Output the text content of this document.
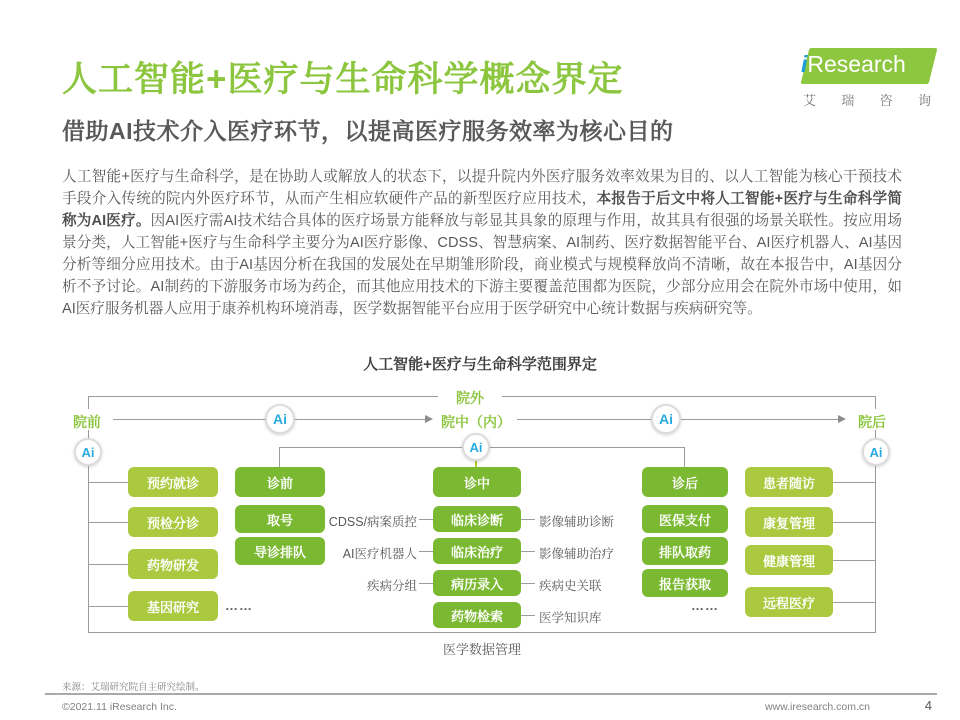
人工智能+医疗与生命科学概念界定	iResearch
艾 瑞 咨 询
借助AI技术介入医疗环节，以提高医疗服务效率为核心目的
人工智能+医疗与生命科学，是在协助人或解放人的状态下，以提升院内外医疗服务效率效果为目的、以人工智能为核心干预技术手段介入传统的院内外医疗环节，从而产生相应软硬件产品的新型医疗应用技术，本报告于后文中将人工智能+医疗与生命科学简称为AI医疗。因AI医疗需AI技术结合具体的医疗场景方能释放与彰显其具象的原理与作用，故其具有很强的场景关联性。按应用场景分类，人工智能+医疗与生命科学主要分为AI医疗影像、CDSS、智慧病案、AI制药、医疗数据智能平台、AI医疗机器人、AI基因分析等细分应用技术。由于AI基因分析在我国的发展处在早期雏形阶段，商业模式与规模释放尚不清晰，故在本报告中，AI基因分析不予讨论。AI制药的下游服务市场为药企，而其他应用技术的下游主要覆盖范围都为医院，少部分应用会在院外市场中使用，如AI医疗服务机器人应用于康养机构环境消毒，医学数据智能平台应用于医学研究中心统计数据与疾病研究等。
人工智能+医疗与生命科学范围界定
院外
院前	院中（内）	院后
Ai	Ai
Ai	Ai
Ai
医学数据管理
预约就诊
预检分诊
药物研发
基因研究	……
诊前
取号
导诊排队
诊中
临床诊断
临床治疗
病历录入
药物检索
CDSS/病案质控
AI医疗机器人
疾病分组
影像辅助诊断
影像辅助治疗
疾病史关联
医学知识库
诊后
医保支付
排队取药
报告获取
……
患者随访
康复管理
健康管理
远程医疗
来源：艾瑞研究院自主研究绘制。
©2021.11 iResearch Inc.	www.iresearch.com.cn	4
